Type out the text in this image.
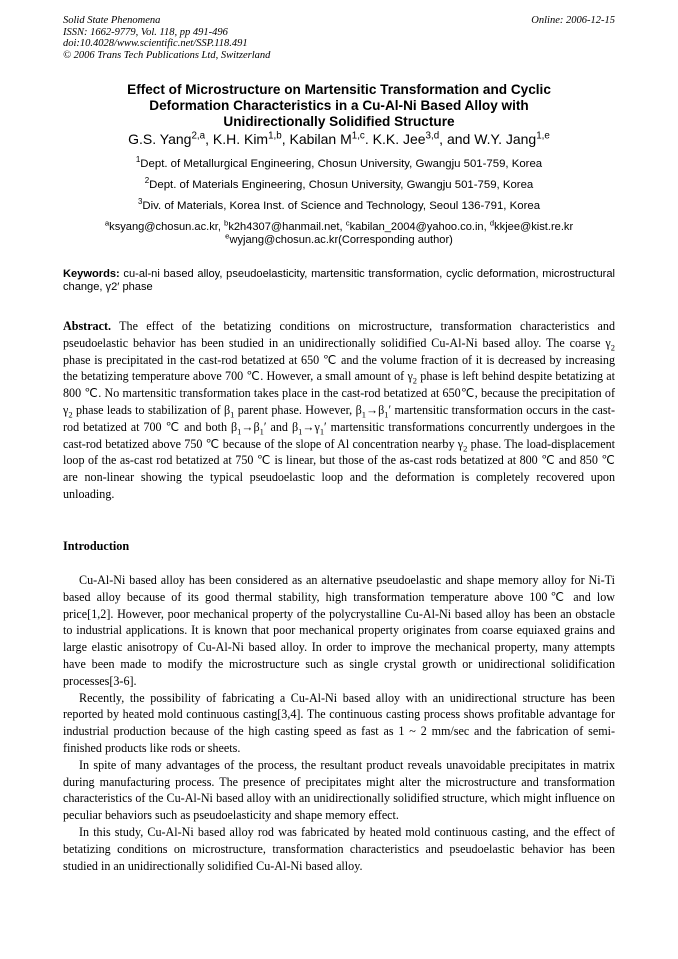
Solid State Phenomena
ISSN: 1662-9779, Vol. 118, pp 491-496
doi:10.4028/www.scientific.net/SSP.118.491
© 2006 Trans Tech Publications Ltd, Switzerland
Online: 2006-12-15
Effect of Microstructure on Martensitic Transformation and Cyclic
Deformation Characteristics in a Cu-Al-Ni Based Alloy with
Unidirectionally Solidified Structure
G.S. Yang$^{2,a}$, K.H. Kim$^{1,b}$, Kabilan M$^{1,c}$. K.K. Jee$^{3,d}$, and W.Y. Jang$^{1,e}$
$^1$Dept. of Metallurgical Engineering, Chosun University, Gwangju 501-759, Korea
$^2$Dept. of Materials Engineering, Chosun University, Gwangju 501-759, Korea
$^3$Div. of Materials, Korea Inst. of Science and Technology, Seoul 136-791, Korea
$^a$ksyang@chosun.ac.kr, $^b$k2h4307@hanmail.net, $^c$kabilan_2004@yahoo.co.in, $^d$kkjee@kist.re.kr
$^e$wyjang@chosun.ac.kr(Corresponding author)
Keywords: cu-al-ni based alloy, pseudoelasticity, martensitic transformation, cyclic deformation, microstructural change, γ2′ phase
Abstract. The effect of the betatizing conditions on microstructure, transformation characteristics and pseudoelastic behavior has been studied in an unidirectionally solidified Cu-Al-Ni based alloy. The coarse $\gamma_2$ phase is precipitated in the cast-rod betatized at 650 ℃ and the volume fraction of it is decreased by increasing the betatizing temperature above 700 ℃. However, a small amount of $\gamma_2$ phase is left behind despite betatizing at 800 ℃. No martensitic transformation takes place in the cast-rod betatized at 650℃, because the precipitation of $\gamma_2$ phase leads to stabilization of $\beta_1$ parent phase. However, $\beta_1\to\beta_1'$ martensitic transformation occurs in the cast-rod betatized at 700 ℃ and both $\beta_1\to\beta_1'$ and $\beta_1\to\gamma_1'$ martensitic transformations concurrently undergoes in the cast-rod betatized above 750 ℃ because of the slope of Al concentration nearby $\gamma_2$ phase. The load-displacement loop of the as-cast rod betatized at 750 ℃ is linear, but those of the as-cast rods betatized at 800 ℃ and 850 ℃ are non-linear showing the typical pseudoelastic loop and the deformation is completely recovered upon unloading.
Introduction

Cu-Al-Ni based alloy has been considered as an alternative pseudoelastic and shape memory alloy for Ni-Ti based alloy because of its good thermal stability, high transformation temperature above 100℃ and low price[1,2]. However, poor mechanical property of the polycrystalline Cu-Al-Ni based alloy has been an obstacle to industrial applications. It is known that poor mechanical property originates from coarse equiaxed grains and large elastic anisotropy of Cu-Al-Ni based alloy. In order to improve the mechanical property, many attempts have been made to modify the microstructure such as single crystal growth or unidirectional solidification processes[3-6].

Recently, the possibility of fabricating a Cu-Al-Ni based alloy with an unidirectional structure has been reported by heated mold continuous casting[3,4]. The continuous casting process shows profitable advantage for industrial production because of the high casting speed as fast as 1 ~ 2 mm/sec and the fabrication of semi-finished products like rods or sheets.

In spite of many advantages of the process, the resultant product reveals unavoidable precipitates in matrix during manufacturing process. The presence of precipitates might alter the microstructure and transformation characteristics of the Cu-Al-Ni based alloy with an unidirectionally solidified structure, which might influence on peculiar behaviors such as pseudoelasticity and shape memory effect.

In this study, Cu-Al-Ni based alloy rod was fabricated by heated mold continuous casting, and the effect of betatizing conditions on microstructure, transformation characteristics and pseudoelastic behavior has been studied in an unidirectionally solidified Cu-Al-Ni based alloy.
